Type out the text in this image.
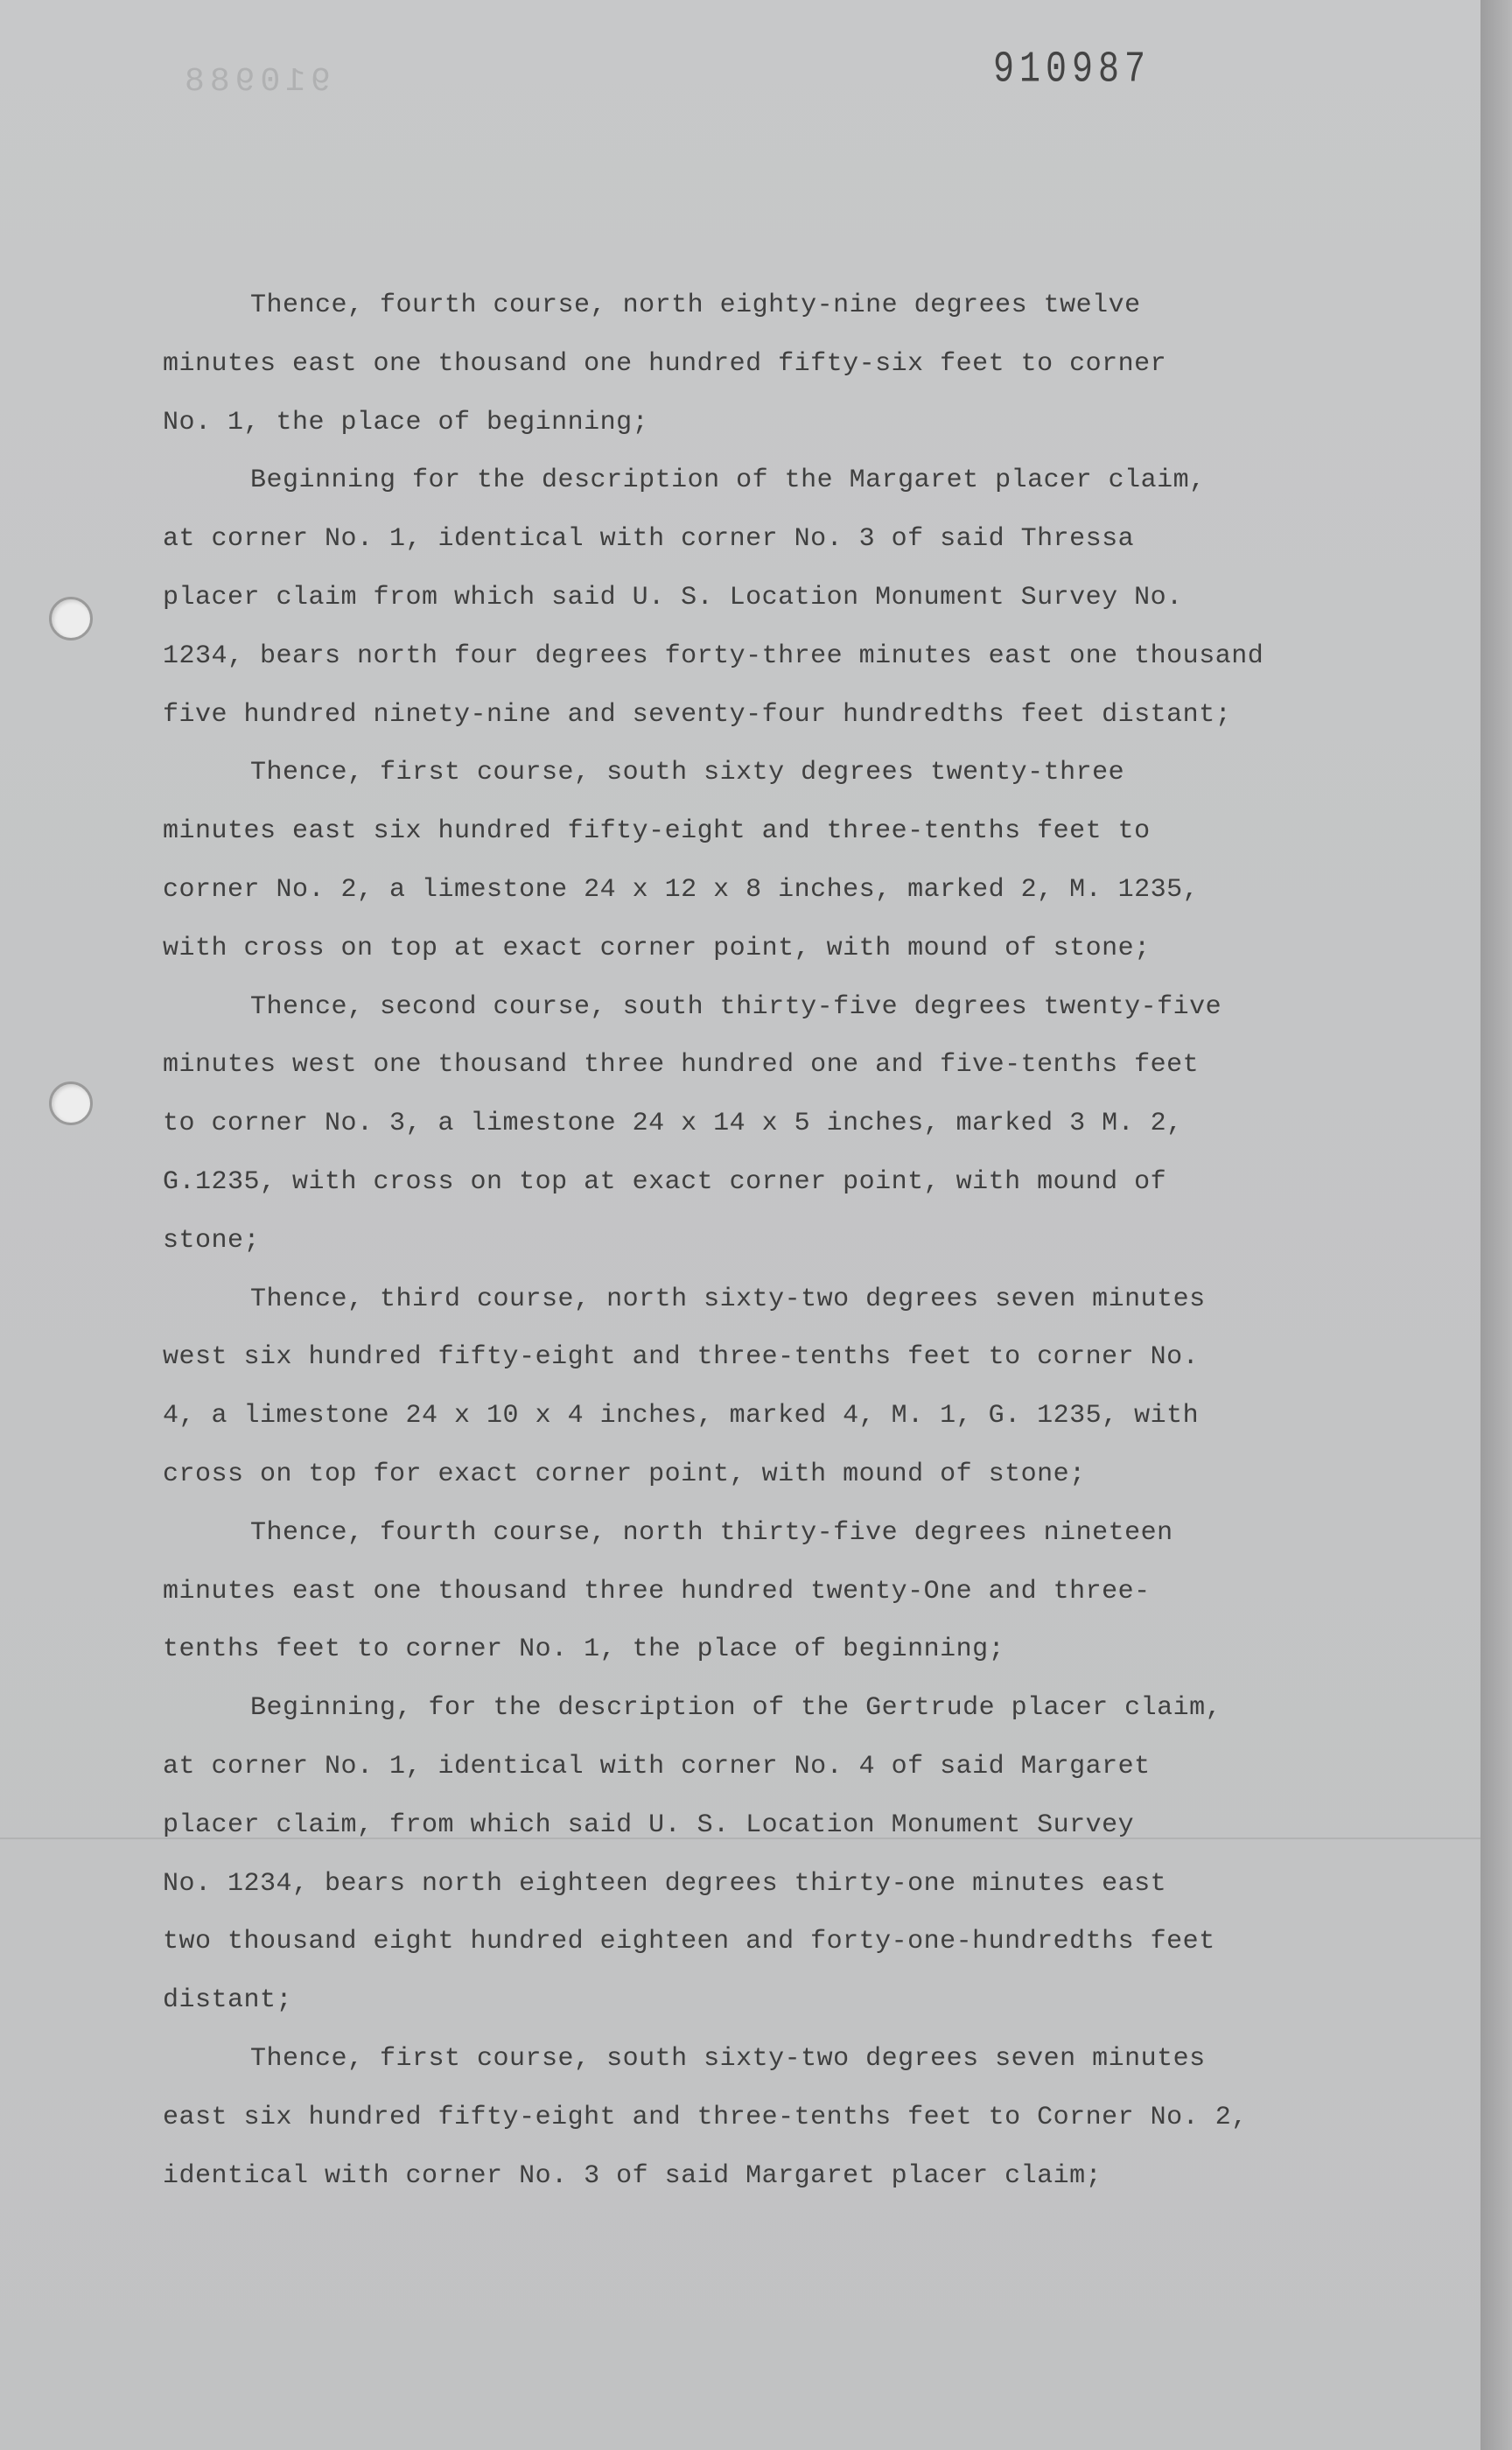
910988	910987
Thence, fourth course, north eighty-nine degrees twelve
minutes east one thousand one hundred fifty-six feet to corner
No. 1, the place of beginning;
Beginning for the description of the Margaret placer claim,
at corner No. 1, identical with corner No. 3 of said Thressa
placer claim from which said U. S. Location Monument Survey No.
1234, bears north four degrees forty-three minutes east one thousand
five hundred ninety-nine and seventy-four hundredths feet distant;
Thence, first course, south sixty degrees twenty-three
minutes east six hundred fifty-eight and three-tenths feet to
corner No. 2, a limestone 24 x 12 x 8 inches, marked 2, M. 1235,
with cross on top at exact corner point, with mound of stone;
Thence, second course, south thirty-five degrees twenty-five
minutes west one thousand three hundred one and five-tenths feet
to corner No. 3, a limestone 24 x 14 x 5 inches, marked 3 M. 2,
G.1235, with cross on top at exact corner point, with mound of
stone;
Thence, third course, north sixty-two degrees seven minutes
west six hundred fifty-eight and three-tenths feet to corner No.
4, a limestone 24 x 10 x 4 inches, marked 4, M. 1, G. 1235, with
cross on top for exact corner point, with mound of stone;
Thence, fourth course, north thirty-five degrees nineteen
minutes east one thousand three hundred twenty-One and three-
tenths feet to corner No. 1, the place of beginning;
Beginning, for the description of the Gertrude placer claim,
at corner No. 1, identical with corner No. 4 of said Margaret
placer claim, from which said U. S. Location Monument Survey
No. 1234, bears north eighteen degrees thirty-one minutes east
two thousand eight hundred eighteen and forty-one-hundredths feet
distant;
Thence, first course, south sixty-two degrees seven minutes
east six hundred fifty-eight and three-tenths feet to Corner No. 2,
identical with corner No. 3 of said Margaret placer claim;
